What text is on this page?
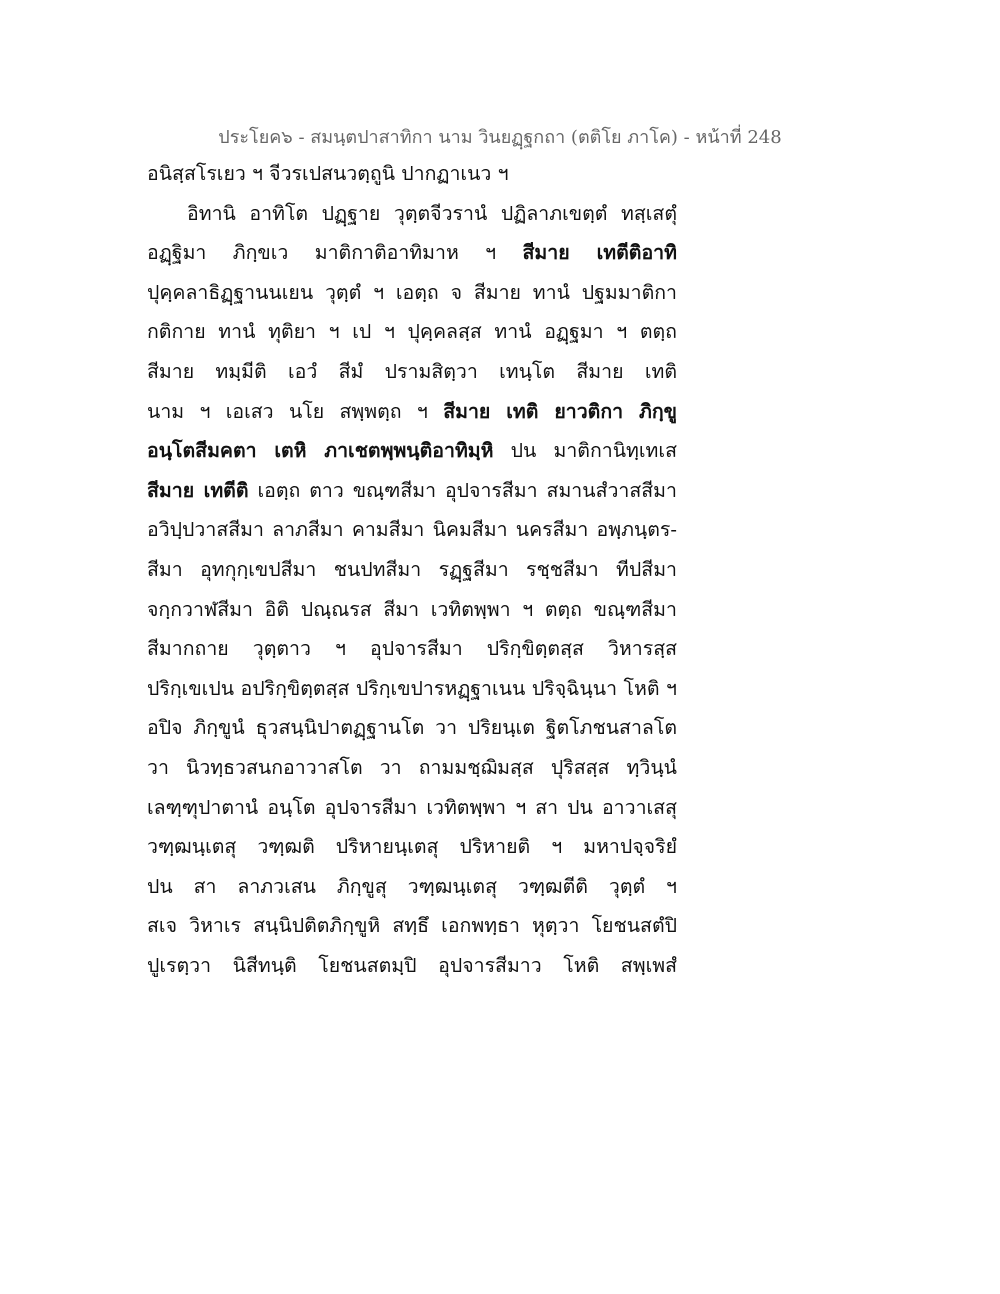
ประโยค๖ - สมนฺตปาสาทิกา นาม วินยฏฺฐกถา (ตติโย ภาโค) - หน้าที่ 248
อนิสฺสโรเยว ฯ จีวรเปสนวตฺถูนิ ปากฏาเนว ฯ
อิทานิ อาทิโต ปฏฺฐาย วุตฺตจีวรานํ ปฏิลาภเขตฺตํ ทสฺเสตุํ
อฏฺฐิมา ภิกฺขเว มาติกาติอาทิมาห ฯ สีมาย เทตีติอาทิ
ปุคฺคลาธิฏฺฐานนเยน วุตฺตํ ฯ เอตฺถ จ สีมาย ทานํ ปฐมมาติกา
กติกาย ทานํ ทุติยา ฯ เป ฯ ปุคฺคลสฺส ทานํ อฏฺฐมา ฯ ตตฺถ
สีมาย ทมฺมีติ เอวํ สีมํ ปรามสิตฺวา เทนฺโต สีมาย เทติ
นาม ฯ เอเสว นโย สพฺพตฺถ ฯ สีมาย เทติ ยาวติกา ภิกฺขู
อนฺโตสีมคตา เตหิ ภาเชตพฺพนฺติอาทิมฺหิ ปน มาติกานิทฺเทเส
สีมาย เทตีติ เอตฺถ ตาว ขณฺฑสีมา อุปจารสีมา สมานสํวาสสีมา
อวิปฺปวาสสีมา ลาภสีมา คามสีมา นิคมสีมา นครสีมา อพฺภนฺตร-
สีมา อุทกุกฺเขปสีมา ชนปทสีมา รฏฺฐสีมา รชฺชสีมา ทีปสีมา
จกฺกวาฬสีมา อิติ ปณฺณรส สีมา เวทิตพฺพา ฯ ตตฺถ ขณฺฑสีมา
สีมากถาย วุตฺตาว ฯ อุปจารสีมา ปริกฺขิตฺตสฺส วิหารสฺส
ปริกฺเขเปน อปริกฺขิตฺตสฺส ปริกฺเขปารหฏฺฐาเนน ปริจฺฉินฺนา โหติ ฯ
อปิจ ภิกฺขูนํ ธุวสนฺนิปาตฏฺฐานโต วา ปริยนฺเต ฐิตโภชนสาลโต
วา นิวทฺธวสนกอาวาสโต วา ถามมชฺฌิมสฺส ปุริสสฺส ทฺวินฺนํ
เลฑฺฑุปาตานํ อนฺโต อุปจารสีมา เวทิตพฺพา ฯ สา ปน อาวาเสสุ
วฑฺฒนฺเตสุ วฑฺฒติ ปริหายนฺเตสุ ปริหายติ ฯ มหาปจฺจริยํ
ปน สา ลาภวเสน ภิกฺขูสุ วฑฺฒนฺเตสุ วฑฺฒตีติ วุตฺตํ ฯ
สเจ วิหาเร สนฺนิปติตภิกฺขูหิ สทฺธึ เอกพทฺธา หุตฺวา โยชนสตํปิ
ปูเรตฺวา นิสีทนฺติ โยชนสตมฺปิ อุปจารสีมาว โหติ สพฺเพสํ
